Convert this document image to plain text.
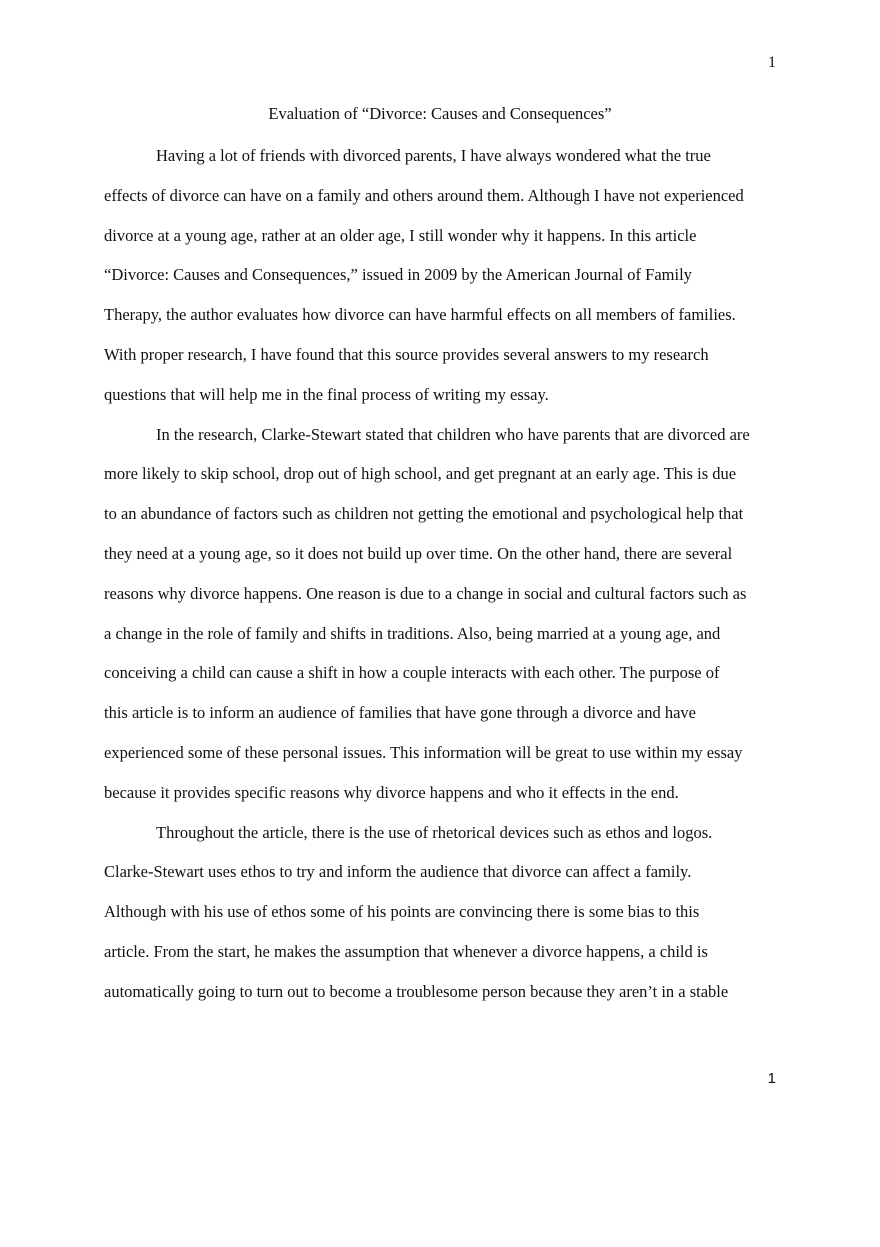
1
Evaluation of “Divorce: Causes and Consequences”

Having a lot of friends with divorced parents, I have always wondered what the true
effects of divorce can have on a family and others around them. Although I have not experienced
divorce at a young age, rather at an older age, I still wonder why it happens. In this article
“Divorce: Causes and Consequences,” issued in 2009 by the American Journal of Family
Therapy, the author evaluates how divorce can have harmful effects on all members of families.
With proper research, I have found that this source provides several answers to my research
questions that will help me in the final process of writing my essay.

In the research, Clarke-Stewart stated that children who have parents that are divorced are
more likely to skip school, drop out of high school, and get pregnant at an early age. This is due
to an abundance of factors such as children not getting the emotional and psychological help that
they need at a young age, so it does not build up over time. On the other hand, there are several
reasons why divorce happens. One reason is due to a change in social and cultural factors such as
a change in the role of family and shifts in traditions. Also, being married at a young age, and
conceiving a child can cause a shift in how a couple interacts with each other. The purpose of
this article is to inform an audience of families that have gone through a divorce and have
experienced some of these personal issues. This information will be great to use within my essay
because it provides specific reasons why divorce happens and who it effects in the end.

Throughout the article, there is the use of rhetorical devices such as ethos and logos.
Clarke-Stewart uses ethos to try and inform the audience that divorce can affect a family.
Although with his use of ethos some of his points are convincing there is some bias to this
article. From the start, he makes the assumption that whenever a divorce happens, a child is
automatically going to turn out to become a troublesome person because they aren’t in a stable

1
